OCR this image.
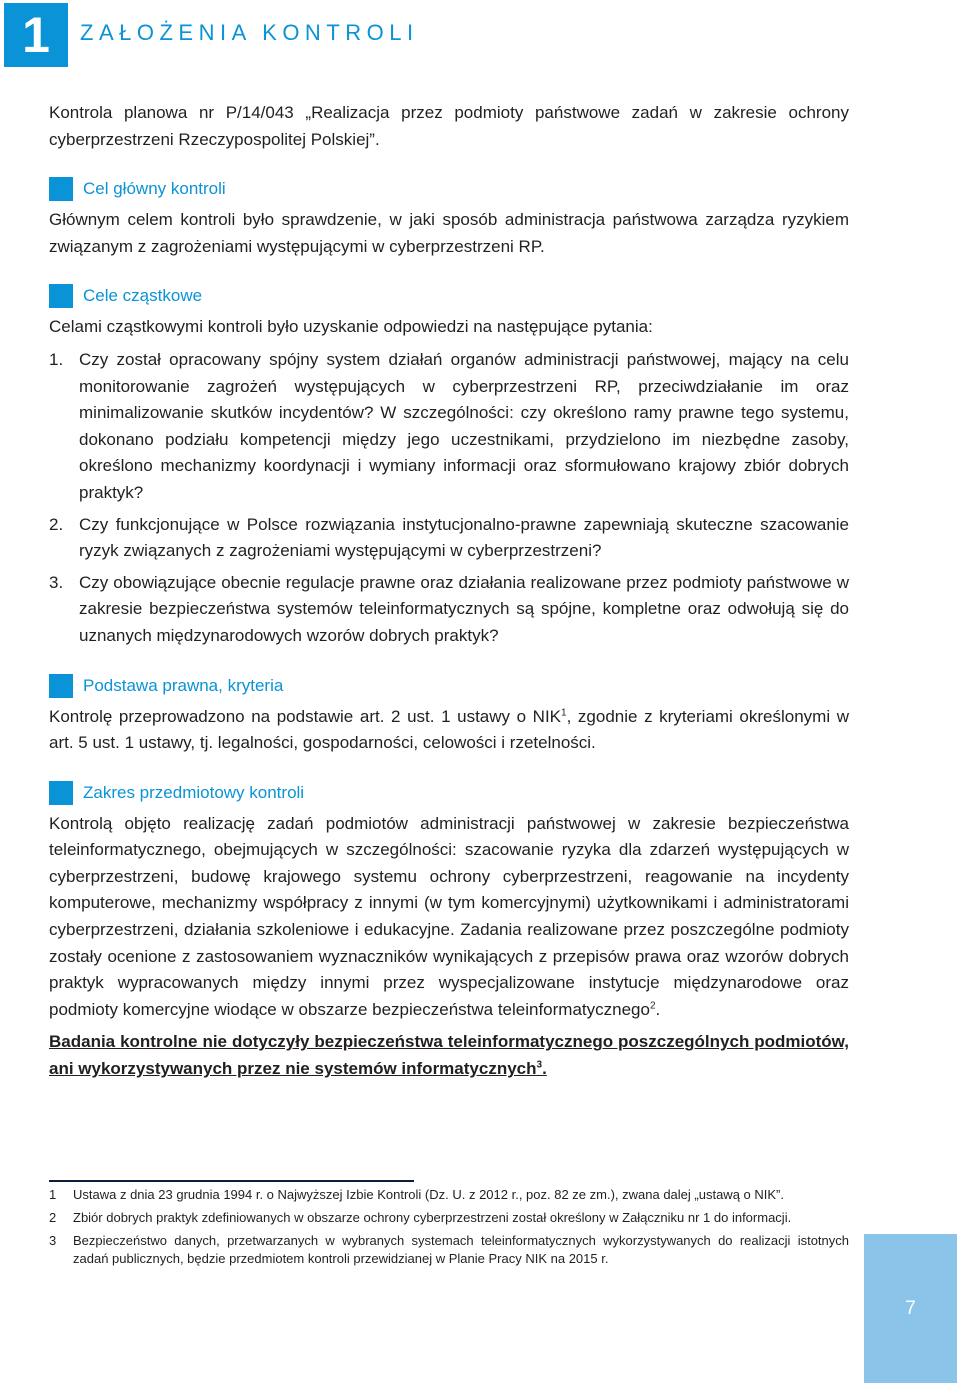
1	ZAŁOŻENIA KONTROLI

Kontrola planowa nr P/14/043 „Realizacja przez podmioty państwowe zadań w zakresie ochrony cyberprzestrzeni Rzeczypospolitej Polskiej”.

Cel główny kontroli

Głównym celem kontroli było sprawdzenie, w jaki sposób administracja państwowa zarządza ryzykiem związanym z zagrożeniami występującymi w cyberprzestrzeni RP.

Cele cząstkowe

Celami cząstkowymi kontroli było uzyskanie odpowiedzi na następujące pytania:

1. Czy został opracowany spójny system działań organów administracji państwowej, mający na celu monitorowanie zagrożeń występujących w cyberprzestrzeni RP, przeciwdziałanie im oraz minimalizowanie skutków incydentów? W szczególności: czy określono ramy prawne tego systemu, dokonano podziału kompetencji między jego uczestnikami, przydzielono im niezbędne zasoby, określono mechanizmy koordynacji i wymiany informacji oraz sformułowano krajowy zbiór dobrych praktyk?
2. Czy funkcjonujące w Polsce rozwiązania instytucjonalno-prawne zapewniają skuteczne szacowanie ryzyk związanych z zagrożeniami występującymi w cyberprzestrzeni?
3. Czy obowiązujące obecnie regulacje prawne oraz działania realizowane przez podmioty państwowe w zakresie bezpieczeństwa systemów teleinformatycznych są spójne, kompletne oraz odwołują się do uznanych międzynarodowych wzorów dobrych praktyk?
Podstawa prawna, kryteria

Kontrolę przeprowadzono na podstawie art. 2 ust. 1 ustawy o NIK$^1$, zgodnie z kryteriami określonymi w art. 5 ust. 1 ustawy, tj. legalności, gospodarności, celowości i rzetelności.

Zakres przedmiotowy kontroli

Kontrolą objęto realizację zadań podmiotów administracji państwowej w zakresie bezpieczeństwa teleinformatycznego, obejmujących w szczególności: szacowanie ryzyka dla zdarzeń występujących w cyberprzestrzeni, budowę krajowego systemu ochrony cyberprzestrzeni, reagowanie na incydenty komputerowe, mechanizmy współpracy z innymi (w tym komercyjnymi) użytkownikami i administratorami cyberprzestrzeni, działania szkoleniowe i edukacyjne. Zadania realizowane przez poszczególne podmioty zostały ocenione z zastosowaniem wyznaczników wynikających z przepisów prawa oraz wzorów dobrych praktyk wypracowanych między innymi przez wyspecjalizowane instytucje międzynarodowe oraz podmioty komercyjne wiodące w obszarze bezpieczeństwa teleinformatycznego$^2$.

Badania kontrolne nie dotyczyły bezpieczeństwa teleinformatycznego poszczególnych podmiotów, ani wykorzystywanych przez nie systemów informatycznych$^3$.

1	Ustawa z dnia 23 grudnia 1994 r. o Najwyższej Izbie Kontroli (Dz. U. z 2012 r., poz. 82 ze zm.), zwana dalej „ustawą o NIK”.
2	Zbiór dobrych praktyk zdefiniowanych w obszarze ochrony cyberprzestrzeni został określony w Załączniku nr 1 do informacji.
3	Bezpieczeństwo danych, przetwarzanych w wybranych systemach teleinformatycznych wykorzystywanych do realizacji istotnych zadań publicznych, będzie przedmiotem kontroli przewidzianej w Planie Pracy NIK na 2015 r.
7
